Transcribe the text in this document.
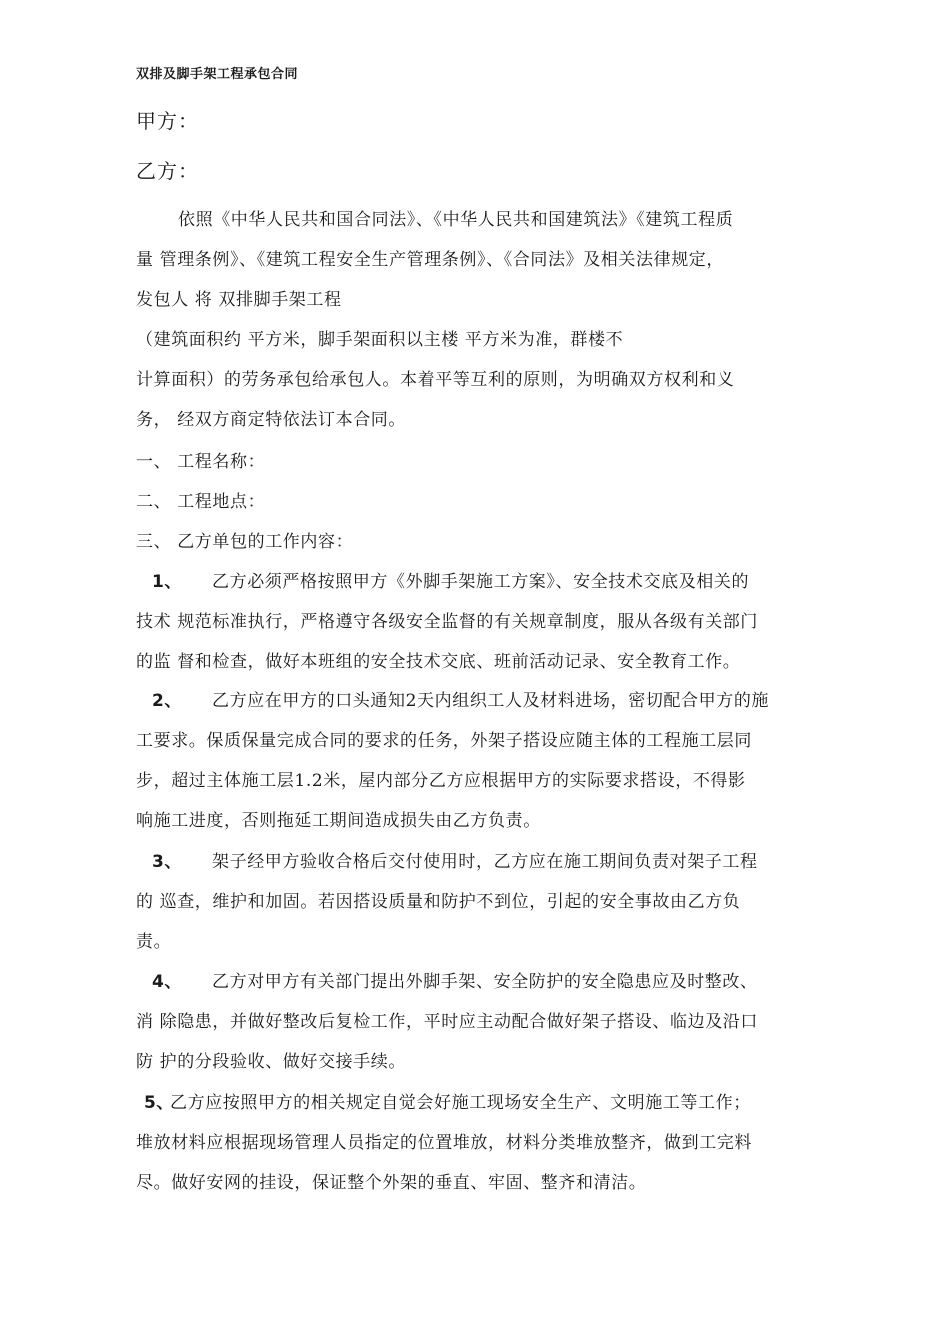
双排及脚手架工程承包合同
甲方：
乙方：
依照《中华人民共和国合同法》、《中华人民共和国建筑法》《建筑工程质
量 管理条例》、《建筑工程安全生产管理条例》、《合同法》及相关法律规定，
发包人 将 双排脚手架工程
（建筑面积约 平方米，脚手架面积以主楼 平方米为准，群楼不
计算面积）的劳务承包给承包人。本着平等互利的原则，为明确双方权利和义
务， 经双方商定特依法订本合同。
一、 工程名称：
二、 工程地点：
三、 乙方单包的工作内容：
1、 乙方必须严格按照甲方《外脚手架施工方案》、安全技术交底及相关的
技术 规范标准执行，严格遵守各级安全监督的有关规章制度，服从各级有关部门
的监 督和检查，做好本班组的安全技术交底、班前活动记录、安全教育工作。
2、 乙方应在甲方的口头通知2天内组织工人及材料进场，密切配合甲方的施
工要求。保质保量完成合同的要求的任务，外架子搭设应随主体的工程施工层同
步，超过主体施工层1.2米，屋内部分乙方应根据甲方的实际要求搭设，不得影
响施工进度，否则拖延工期间造成损失由乙方负责。
3、 架子经甲方验收合格后交付使用时，乙方应在施工期间负责对架子工程
的 巡查，维护和加固。若因搭设质量和防护不到位，引起的安全事故由乙方负
责。
4、 乙方对甲方有关部门提出外脚手架、安全防护的安全隐患应及时整改、
消 除隐患，并做好整改后复检工作，平时应主动配合做好架子搭设、临边及沿口
防 护的分段验收、做好交接手续。
5、
乙方应按照甲方的相关规定自觉会好施工现场安全生产、文明施工等工作；
堆放材料应根据现场管理人员指定的位置堆放，材料分类堆放整齐，做到工完料
尽。做好安网的挂设，保证整个外架的垂直、牢固、整齐和清洁。
